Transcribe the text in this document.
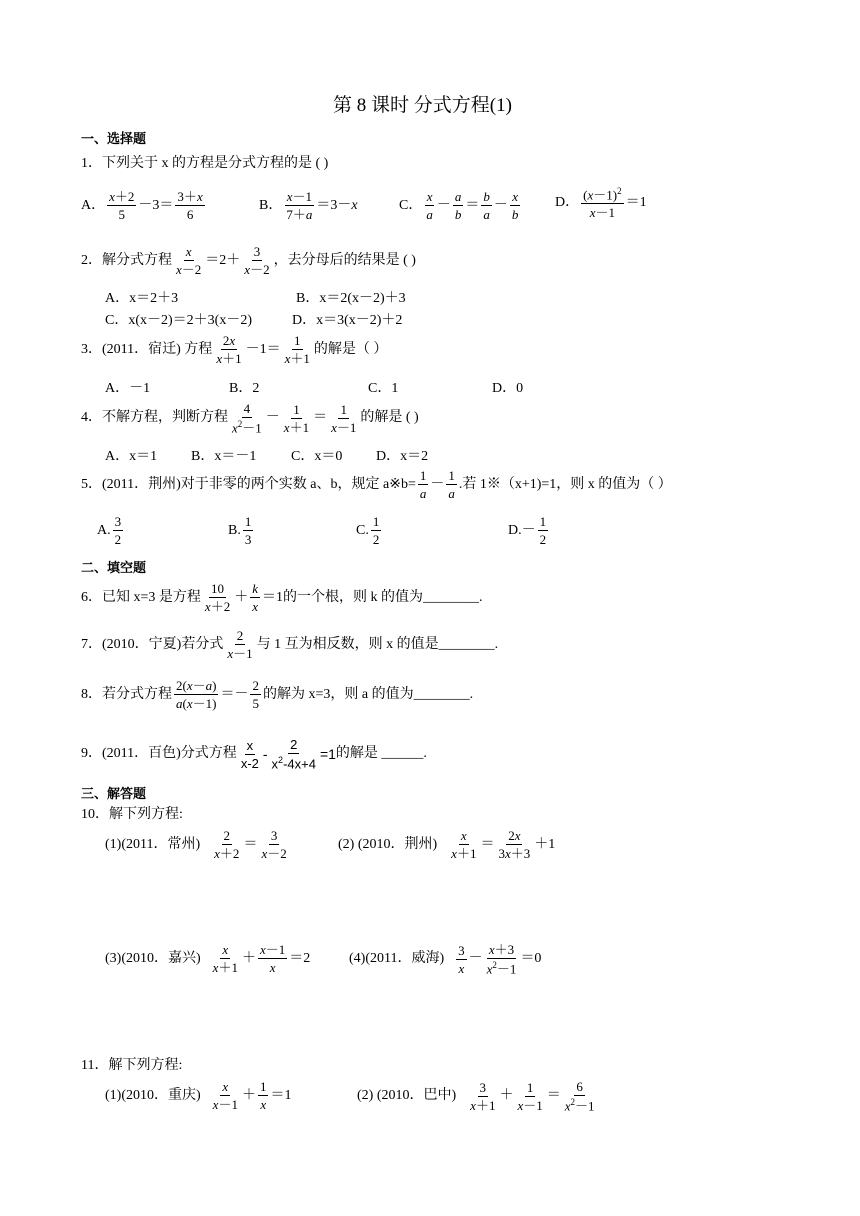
第 8 课时 分式方程(1)
一、选择题
1．下列关于 x 的方程是分式方程的是 ( )
A． $\frac{x+2}{5} -3= \frac{3+x}{6}$	B． $\frac{x-1}{7+a} =3-x$	C． $\frac{x}{a} - \frac{a}{b} = \frac{b}{a} - \frac{x}{b}$ D． $\frac{(x-1)^2}{x-1} =1$
2．解分式方程 $\frac{x}{x-2} =2+ \frac{3}{x-2}$ ，去分母后的结果是 ( )
A．x＝2＋3	B．x＝2(x－2)＋3
C．x(x－2)＝2＋3(x－2)	D．x＝3(x－2)＋2
3．(2011．宿迁) 方程 $\frac{2x}{x+1} -1= \frac{1}{x+1}$ 的解是（ ）
A．－1	B．2	C．1	D．0
4．不解方程，判断方程 $\frac{4}{x^2-1} - \frac{1}{x+1} = \frac{1}{x-1}$ 的解是 ( )
A．x＝1 B．x＝－1 C．x＝0 D．x＝2
5．(2011．荆州)对于非零的两个实数 a、b，规定 a※b= $\frac{1}{a} - \frac{1}{a}$ .若 1※（x+1)=1，则 x 的值为（ ）
A. $\frac{3}{2}$	B. $\frac{1}{3}$	C. $\frac{1}{2}$	$D.- \frac{1}{2}$
二、填空题
6．已知 x=3 是方程 $\frac{10}{x+2} + \frac{k}{x} =1$ 的一个根，则 k 的值为________.
7．(2010．宁夏)若分式 $\frac{2}{x-1}$ 与 1 互为相反数，则 x 的值是________.
8．若分式方程 $\frac{2(x-a)}{a(x-1)} =- \frac{2}{5}$ 的解为 x=3，则 a 的值为________.
9．(2011．百色)分式方程 $\frac{x}{x-2} - \frac{2}{x^2-4x+4} =1$ 的解是 ______.
三、解答题
10．解下列方程:
(1)(2011．常州) $\frac{2}{x+2} = \frac{3}{x-2}$	(2) (2010．荆州) $\frac{x}{x+1} = \frac{2x}{3x+3} +1$
(3)(2010．嘉兴) $\frac{x}{x+1} + \frac{x-1}{x} =2$	(4)(2011．威海) $\frac{3}{x} - \frac{x+3}{x^2-1} =0$
11．解下列方程:
(1)(2010．重庆) $\frac{x}{x-1} + \frac{1}{x} =1$	(2) (2010．巴中) $\frac{3}{x+1} + \frac{1}{x-1} = \frac{6}{x^2-1}$
